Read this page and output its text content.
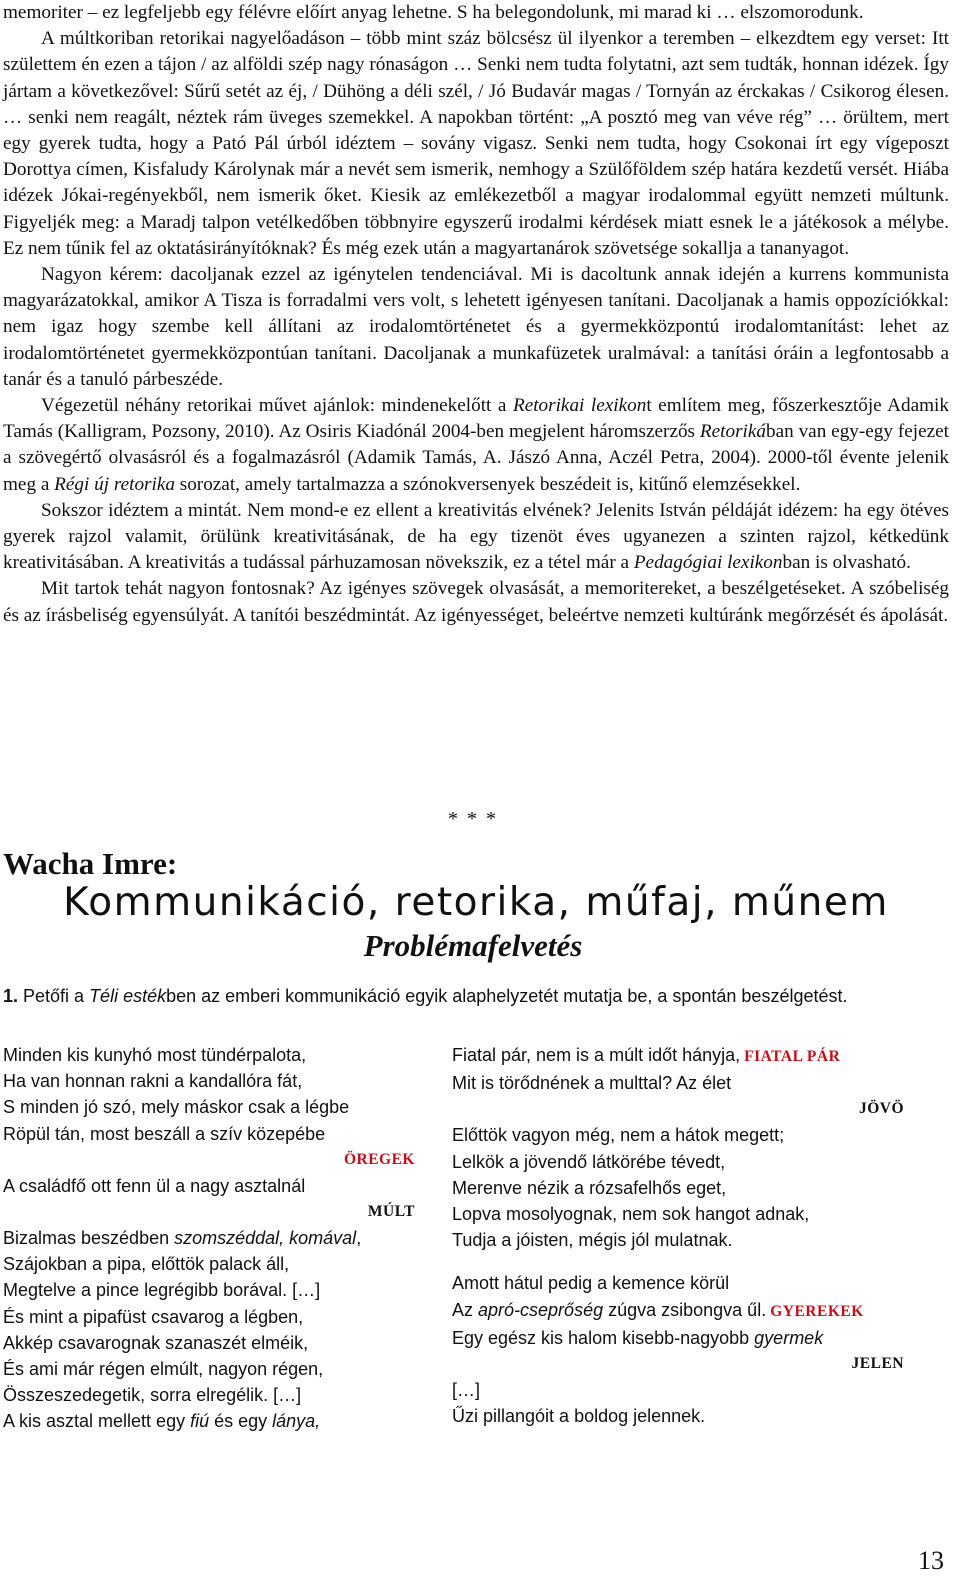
memoriter – ez legfeljebb egy félévre előírt anyag lehetne. S ha belegondolunk, mi marad ki … elszomorodunk.

A múltkoriban retorikai nagyelőadáson – több mint száz bölcsész ül ilyenkor a teremben – elkezdtem egy verset: Itt születtem én ezen a tájon / az alföldi szép nagy rónaságon … Senki nem tudta folytatni, azt sem tudták, honnan idézek. Így jártam a következővel: Sűrű setét az éj, / Dühöng a déli szél, / Jó Budavár magas / Tornyán az érckakas / Csikorog élesen. … senki nem reagált, néztek rám üveges szemekkel. A napokban történt: „A posztó meg van véve rég” … örültem, mert egy gyerek tudta, hogy a Pató Pál úrból idéztem – sovány vigasz. Senki nem tudta, hogy Csokonai írt egy vígeposzt Dorottya címen, Kisfaludy Károlynak már a nevét sem ismerik, nemhogy a Szülőföldem szép határa kezdetű versét. Hiába idézek Jókai-regényekből, nem ismerik őket. Kiesik az emlékezetből a magyar irodalommal együtt nemzeti múltunk. Figyeljék meg: a Maradj talpon vetélkedőben többnyire egyszerű irodalmi kérdések miatt esnek le a játékosok a mélybe. Ez nem tűnik fel az oktatásirányítóknak? És még ezek után a magyartanárok szövetsége sokallja a tananyagot.

Nagyon kérem: dacoljanak ezzel az igénytelen tendenciával. Mi is dacoltunk annak idején a kurrens kommunista magyarázatokkal, amikor A Tisza is forradalmi vers volt, s lehetett igényesen tanítani. Dacoljanak a hamis oppozíciókkal: nem igaz hogy szembe kell állítani az irodalomtörténetet és a gyermekközpontú irodalomtanítást: lehet az irodalomtörténetet gyermekközpontúan tanítani. Dacoljanak a munkafüzetek uralmával: a tanítási óráin a legfontosabb a tanár és a tanuló párbeszéde.

Végezetül néhány retorikai művet ajánlok: mindenekelőtt a Retorikai lexikont említem meg, főszerkesztője Adamik Tamás (Kalligram, Pozsony, 2010). Az Osiris Kiadónál 2004-ben megjelent háromszerzős Retorikában van egy-egy fejezet a szövegértő olvasásról és a fogalmazásról (Adamik Tamás, A. Jászó Anna, Aczél Petra, 2004). 2000-től évente jelenik meg a Régi új retorika sorozat, amely tartalmazza a szónokversenyek beszédeit is, kitűnő elemzésekkel.

Sokszor idéztem a mintát. Nem mond-e ez ellent a kreativitás elvének? Jelenits István példáját idézem: ha egy ötéves gyerek rajzol valamit, örülünk kreativitásának, de ha egy tizenöt éves ugyanezen a szinten rajzol, kétkedünk kreativitásában. A kreativitás a tudással párhuzamosan növekszik, ez a tétel már a Pedagógiai lexikonban is olvasható.

Mit tartok tehát nagyon fontosnak? Az igényes szövegek olvasását, a memoritereket, a beszélgetéseket. A szóbeliség és az írásbeliség egyensúlyát. A tanítói beszédmintát. Az igényességet, beleértve nemzeti kultúránk megőrzését és ápolását.

* * *
Wacha Imre:
Kommunikáció, retorika, műfaj, műnem
Problémafelvetés
1. Petőfi a Téli estékben az emberi kommunikáció egyik alaphelyzetét mutatja be, a spontán beszélgetést.
Minden kis kunyhó most tündérpalota,
Ha van honnan rakni a kandallóra fát,
S minden jó szó, mely máskor csak a légbe
Röpül tán, most beszáll a szív közepébe
ÖREGEK
A családfő ott fenn ül a nagy asztalnál
MÚLT
Bizalmas beszédben szomszéddal, komával,
Szájokban a pipa, előttök palack áll,
Megtelve a pince legrégibb borával. […]
És mint a pipafüst csavarog a légben,
Akkép csavarognak szanaszét elméik,
És ami már régen elmúlt, nagyon régen,
Összeszedegetik, sorra elregélik. […]
A kis asztal mellett egy fiú és egy lánya,
Fiatal pár, nem is a múlt időt hányja, FIATAL PÁR
Mit is törődnének a multtal? Az élet
JÖVÖ
Előttök vagyon még, nem a hátok megett;
Lelkök a jövendő látkörébe tévedt,
Merenve nézik a rózsafelhős eget,
Lopva mosolyognak, nem sok hangot adnak,
Tudja a jóisten, mégis jól mulatnak.
Amott hátul pedig a kemence körül
Az apró-cseprőség zúgva zsibongva űl. GYEREKEK
Egy egész kis halom kisebb-nagyobb gyermek
JELEN
[…]
Űzi pillangóit a boldog jelennek.
13
